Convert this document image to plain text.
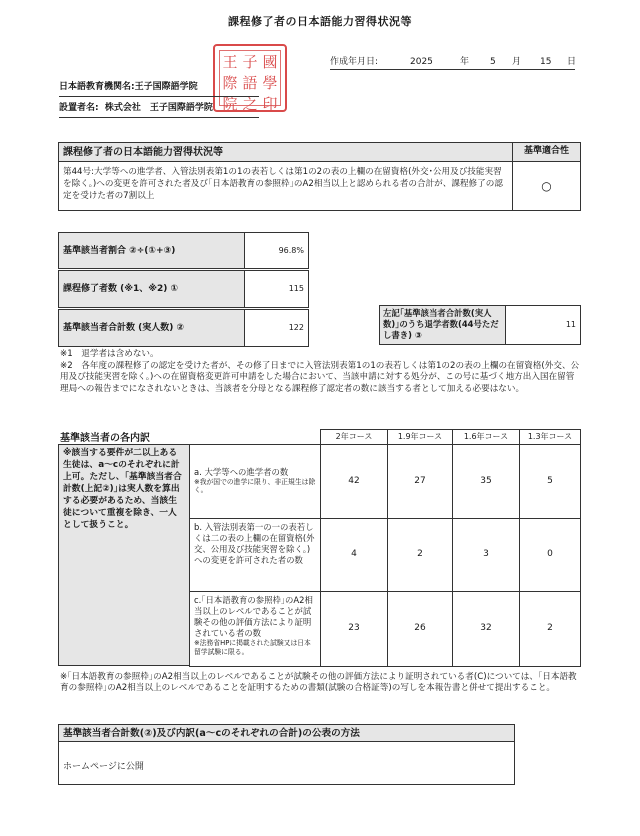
課程修了者の日本語能力習得状況等
王 子 國
際 語 學
院 之 印
作成年月日:	2025	年 5 月 15 日
日本語教育機関名:王子国際語学院
設置者名: 株式会社　王子国際語学院
課程修了者の日本語能力習得状況等	基準適合性
第44号:大学等への進学者、入管法別表第1の1の表若しくは第1の2の表の上欄の在留資格(外交･公用及び技能実習を除く。)への変更を許可された者及び｢日本語教育の参照枠｣のA2相当以上と認められる者の合計が、課程修了の認定を受けた者の7割以上
○
基準該当者割合 ②÷(①+③)	96.8%
課程修了者数 (※1、※2) ①	115
基準該当者合計数 (実人数) ②	122
左記｢基準該当者合計数(実人数)｣のうち退学者数(44号ただし書き) ③
11
※1　退学者は含めない。
※2　各年度の課程修了の認定を受けた者が、その修了日までに入管法別表第1の1の表若しくは第1の2の表の上欄の在留資格(外交、公用及び技能実習を除く。)への在留資格変更許可申請をした場合において、当該申請に対する処分が、この号に基づく地方出入国在留管理局への報告までになされないときは、当該者を分母となる課程修了認定者の数に該当する者として加える必要はない。
基準該当者の各内訳	2年コース	1.9年コース	1.6年コース	1.3年コース
※該当する要件が二以上ある生徒は、a～cのそれぞれに計上可。ただし、｢基準該当者合計数(上記②)｣は実人数を算出する必要があるため、当該生徒について重複を除き、一人として扱うこと。
a. 大学等への進学者の数
※我が国での進学に限り、非正規生は除く。
42	27	35	5
b. 入管法別表第一の一の表若しくは二の表の上欄の在留資格(外交、公用及び技能実習を除く。)への変更を許可された者の数
4	2	3	0
c.｢日本語教育の参照枠｣のA2相当以上のレベルであることが試験その他の評価方法により証明されている者の数
※法務省HPに掲載された試験又は日本留学試験に限る。
23	26	32	2
※｢日本語教育の参照枠｣のA2相当以上のレベルであることが試験その他の評価方法により証明されている者(C)については、｢日本語教育の参照枠｣のA2相当以上のレベルであることを証明するための書類(試験の合格証等)の写しを本報告書と併せて提出すること。
基準該当者合計数(②)及び内訳(a～cのそれぞれの合計)の公表の方法
ホームページに公開
